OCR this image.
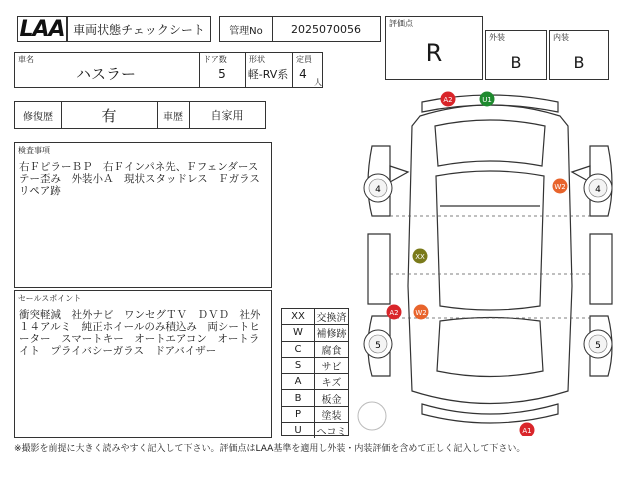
LAA 車両状態チェックシート	管理No	2025070056	評価点
R
外装
B
内装
B
車名
ハスラー
ドア数
5
形状
軽-RV系
定員
4
人
修復歴	有	車歴	自家用
検査事項
右ＦピラーＢＰ　右Ｆインパネ先、Ｆフェンダース テー歪み　外装小Ａ　現状スタッドレス　Ｆガラス リペア跡
セールスポイント
衝突軽減　社外ナビ　ワンセグＴＶ　ＤＶＤ　社外 １４アルミ　純正ホイールのみ積込み　両シートヒ ーター　スマートキー　オートエアコン　オートラ イト　プライバシーガラス　ドアバイザー
XX	交換済
W	補修跡
C	腐食
S	サビ
A	キズ
B	板金
P	塗装
U	へコミ
4	4
5	5
A2	U1
W2
XX
A2 W2
A1
※撮影を前提に大きく読みやすく記入して下さい。評価点はLAA基準を適用し外装・内装評価を含めて正しく記入して下さい。
